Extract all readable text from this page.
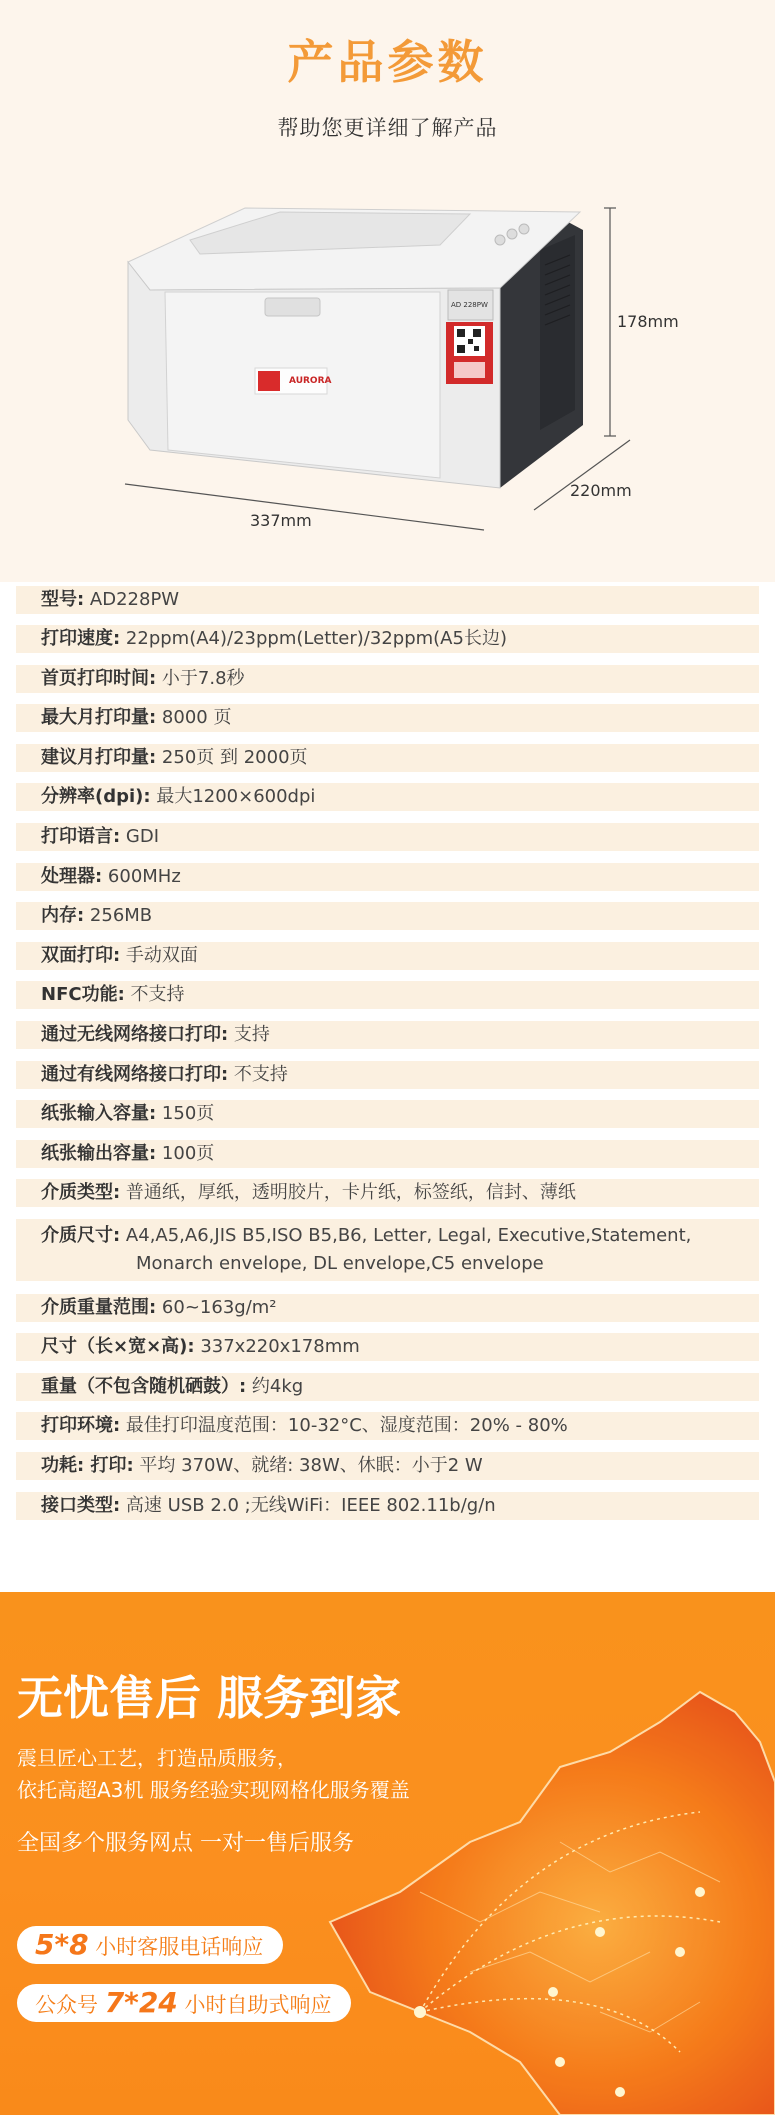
产品参数
帮助您更详细了解产品
震旦
AURORA
AD 228PW
178mm
220mm
337mm
型号: AD228PW
打印速度: 22ppm(A4)/23ppm(Letter)/32ppm(A5长边)
首页打印时间: 小于7.8秒
最大月打印量: 8000 页
建议月打印量: 250页 到 2000页
分辨率(dpi): 最大1200×600dpi
打印语言: GDI
处理器: 600MHz
内存: 256MB
双面打印: 手动双面
NFC功能: 不支持
通过无线网络接口打印: 支持
通过有线网络接口打印: 不支持
纸张输入容量: 150页
纸张输出容量: 100页
介质类型: 普通纸，厚纸，透明胶片，卡片纸，标签纸，信封、薄纸
介质尺寸: A4,A5,A6,JIS B5,ISO B5,B6, Letter, Legal, Executive,Statement,
Monarch envelope, DL envelope,C5 envelope
介质重量范围: 60~163g/m²
尺寸（长×宽×高): 337x220x178mm
重量（不包含随机硒鼓）: 约4kg
打印环境: 最佳打印温度范围：10-32°C、湿度范围：20% - 80%
功耗: 打印: 平均 370W、就绪: 38W、休眠：小于2 W
接口类型: 高速 USB 2.0 ;无线WiFi：IEEE 802.11b/g/n
无忧售后 服务到家
震旦匠心工艺，打造品质服务，
依托高超A3机 服务经验实现网格化服务覆盖
全国多个服务网点 一对一售后服务
5*8 小时客服电话响应
公众号 7*24 小时自助式响应
